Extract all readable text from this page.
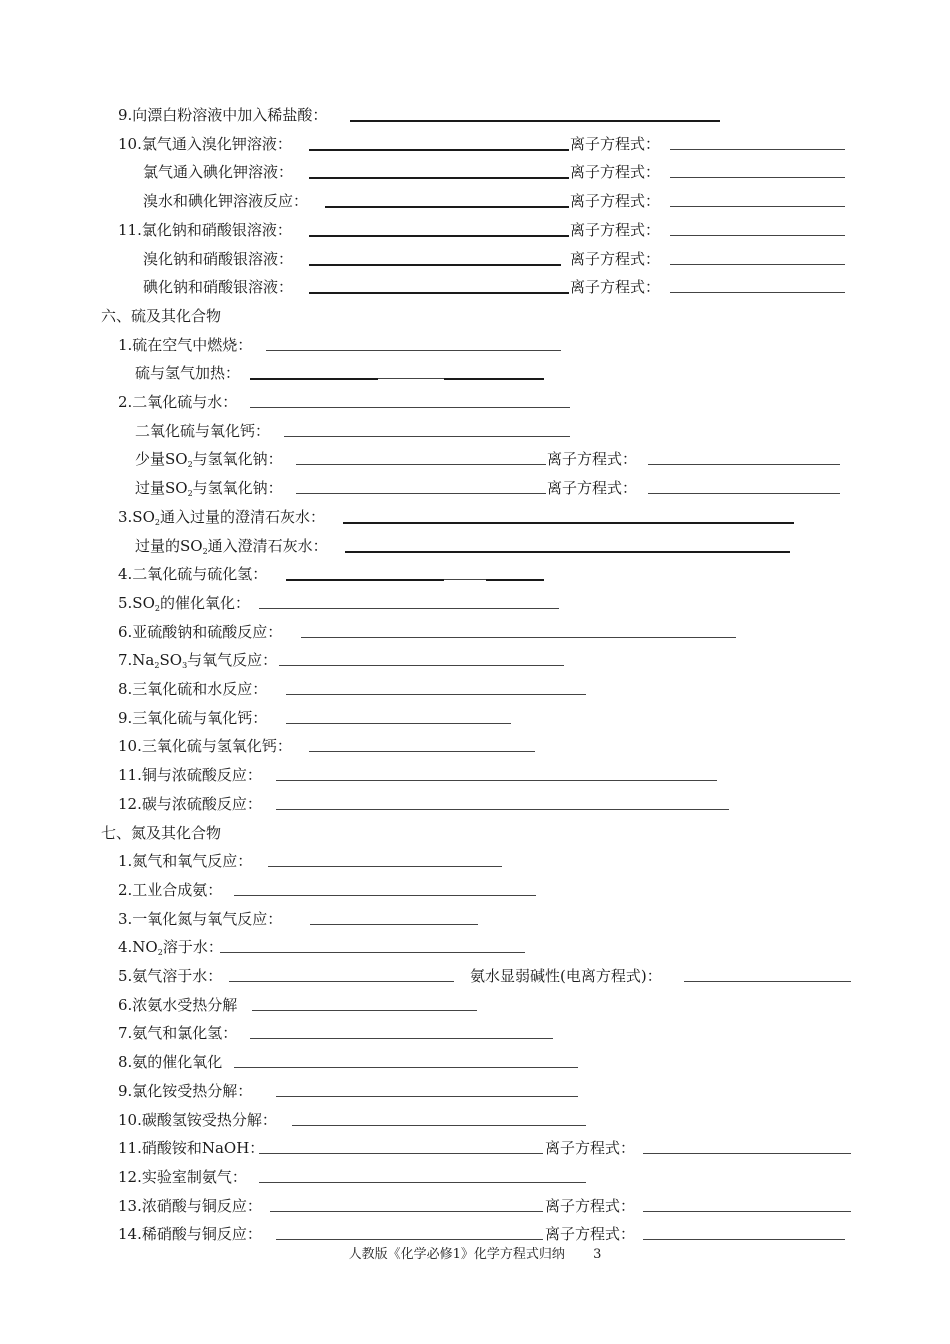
9.向漂白粉溶液中加入稀盐酸：
10.氯气通入溴化钾溶液：	离子方程式：
氯气通入碘化钾溶液：	离子方程式：
溴水和碘化钾溶液反应：	离子方程式：
11.氯化钠和硝酸银溶液：	离子方程式：
溴化钠和硝酸银溶液：	离子方程式：
碘化钠和硝酸银溶液：	离子方程式：
六、硫及其化合物
1.硫在空气中燃烧：
硫与氢气加热：
2.二氧化硫与水：
二氧化硫与氧化钙：
少量$SO_2$与氢氧化钠：	离子方程式：
过量$SO_2$与氢氧化钠：	离子方程式：
$3.SO_2$通入过量的澄清石灰水：
过量的$SO_2$通入澄清石灰水：
4.二氧化硫与硫化氢：
$5.SO_2$的催化氧化：
6.亚硫酸钠和硫酸反应：
$7.Na_2SO_3$与氧气反应：
8.三氧化硫和水反应：
9.三氧化硫与氧化钙：
10.三氧化硫与氢氧化钙：
11.铜与浓硫酸反应：
12.碳与浓硫酸反应：
七、氮及其化合物
1.氮气和氧气反应：
2.工业合成氨：
3.一氧化氮与氧气反应：
$4.NO_2$溶于水：
5.氨气溶于水：	氨水显弱碱性(电离方程式)：
6.浓氨水受热分解
7.氨气和氯化氢：
8.氨的催化氧化
9.氯化铵受热分解：
10.碳酸氢铵受热分解：
11.硝酸铵和NaOH：	离子方程式：
12.实验室制氨气：
13.浓硝酸与铜反应：	离子方程式：
14.稀硝酸与铜反应：	离子方程式：
人教版《化学必修1》化学方程式归纳 3
